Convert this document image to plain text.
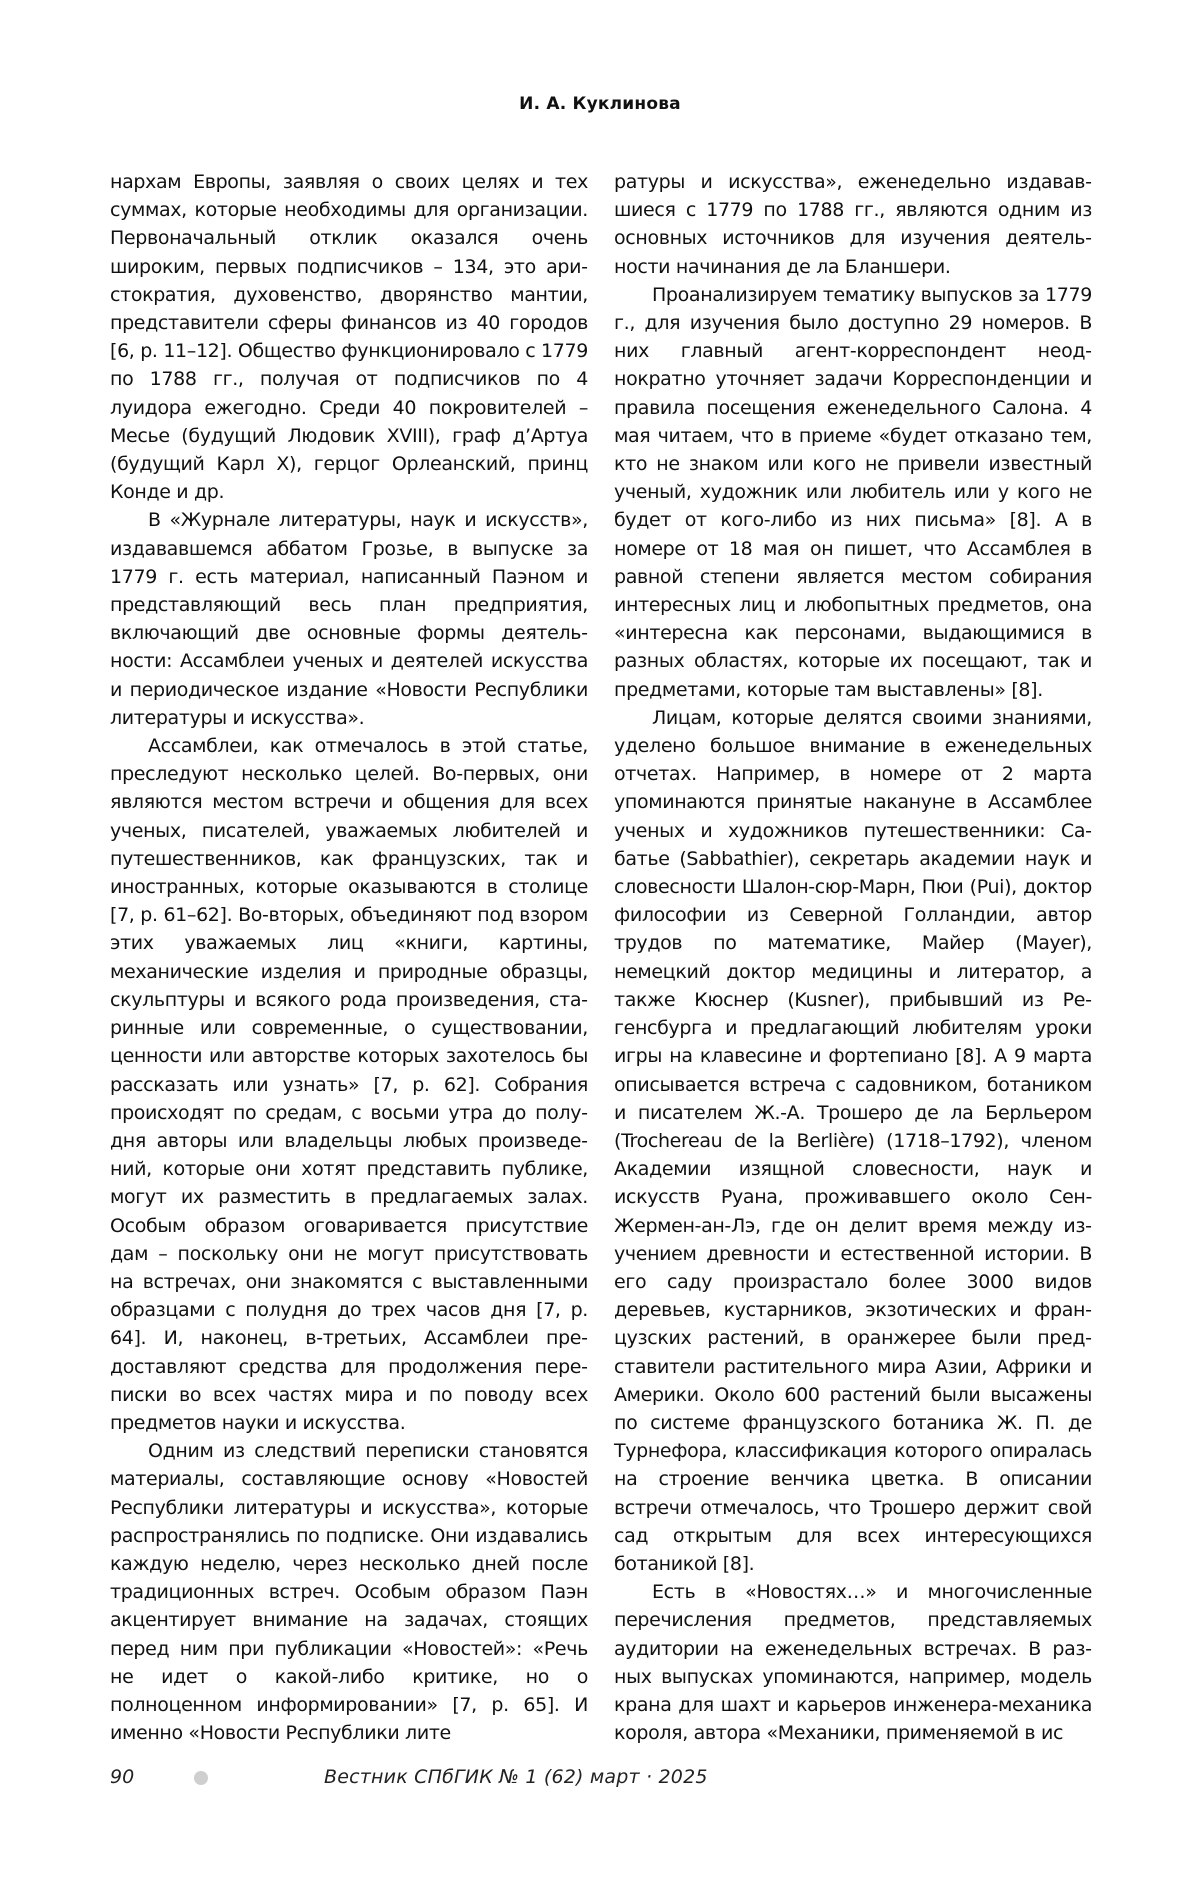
И. А. Куклинова

нархам Европы, заявляя о своих целях и тех суммах, которые необходимы для организации. Первоначальный отклик оказался очень широким, первых подписчиков – 134, это аристократия, духовенство, дворянство мантии, представители сферы финансов из 40 городов [6, p. 11–12]. Общество функционировало с 1779 по 1788 гг., получая от подписчиков по 4 луидора ежегодно. Среди 40 покровителей – Месье (будущий Людовик XVIII), граф д’Артуа (будущий Карл X), герцог Орлеанский, принц Конде и др.

В «Журнале литературы, наук и искусств», издававшемся аббатом Грозье, в выпуске за 1779 г. есть материал, написанный Паэном и представляющий весь план предприятия, включающий две основные формы деятельности: Ассамблеи ученых и деятелей искусства и периодическое издание «Новости Республики литературы и искусства».

Ассамблеи, как отмечалось в этой статье, преследуют несколько целей. Во-первых, они являются местом встречи и общения для всех ученых, писателей, уважаемых любителей и путешественников, как французских, так и иностранных, которые оказываются в столице [7, p. 61–62]. Во-вторых, объединяют под взором этих уважаемых лиц «книги, картины, механические изделия и природные образцы, скульптуры и всякого рода произведения, старинные или современные, о существовании, ценности или авторстве которых захотелось бы рассказать или узнать» [7, p. 62]. Собрания происходят по средам, с восьми утра до полудня авторы или владельцы любых произведений, которые они хотят представить публике, могут их разместить в предлагаемых залах. Особым образом оговаривается присутствие дам – поскольку они не могут присутствовать на встречах, они знакомятся с выставленными образцами с полудня до трех часов дня [7, p. 64]. И, наконец, в-третьих, Ассамблеи предоставляют средства для продолжения переписки во всех частях мира и по поводу всех предметов науки и искусства.

Одним из следствий переписки становятся материалы, составляющие основу «Новостей Республики литературы и искусства», которые распространялись по подписке. Они издавались каждую неделю, через несколько дней после традиционных встреч. Особым образом Паэн акцентирует внимание на задачах, стоящих перед ним при публикации «Новостей»: «Речь не идет о какой-либо критике, но о полноценном информировании» [7, p. 65]. И именно «Новости Республики лите

ратуры и искусства», еженедельно издававшиеся с 1779 по 1788 гг., являются одним из основных источников для изучения деятельности начинания де ла Бланшери.

Проанализируем тематику выпусков за 1779 г., для изучения было доступно 29 номеров. В них главный агент-корреспондент неоднократно уточняет задачи Корреспонденции и правила посещения еженедельного Салона. 4 мая читаем, что в приеме «будет отказано тем, кто не знаком или кого не привели известный ученый, художник или любитель или у кого не будет от кого-либо из них письма» [8]. А в номере от 18 мая он пишет, что Ассамблея в равной степени является местом собирания интересных лиц и любопытных предметов, она «интересна как персонами, выдающимися в разных областях, которые их посещают, так и предметами, которые там выставлены» [8].

Лицам, которые делятся своими знаниями, уделено большое внимание в еженедельных отчетах. Например, в номере от 2 марта упоминаются принятые накануне в Ассамблее ученых и художников путешественники: Сабатье (Sabbathier), секретарь академии наук и словесности Шалон-сюр-Марн, Пюи (Pui), доктор философии из Северной Голландии, автор трудов по математике, Майер (Mayer), немецкий доктор медицины и литератор, а также Кюснер (Kusner), прибывший из Регенсбурга и предлагающий любителям уроки игры на клавесине и фортепиано [8]. А 9 марта описывается встреча с садовником, ботаником и писателем Ж.-А. Трошеро де ла Берльером (Trochereau de la Berlière) (1718–1792), членом Академии изящной словесности, наук и искусств Руана, проживавшего около Сен-Жермен-ан-Лэ, где он делит время между изучением древности и естественной истории. В его саду произрастало более 3000 видов деревьев, кустарников, экзотических и французских растений, в оранжерее были представители растительного мира Азии, Африки и Америки. Около 600 растений были высажены по системе французского ботаника Ж. П. де Турнефора, классификация которого опиралась на строение венчика цветка. В описании встречи отмечалось, что Трошеро держит свой сад открытым для всех интересующихся ботаникой [8].

Есть в «Новостях…» и многочисленные перечисления предметов, представляемых аудитории на еженедельных встречах. В разных выпусках упоминаются, например, модель крана для шахт и карьеров инженера-механика короля, автора «Механики, применяемой в ис

90	Вестник СПбГИК № 1 (62) март · 2025
